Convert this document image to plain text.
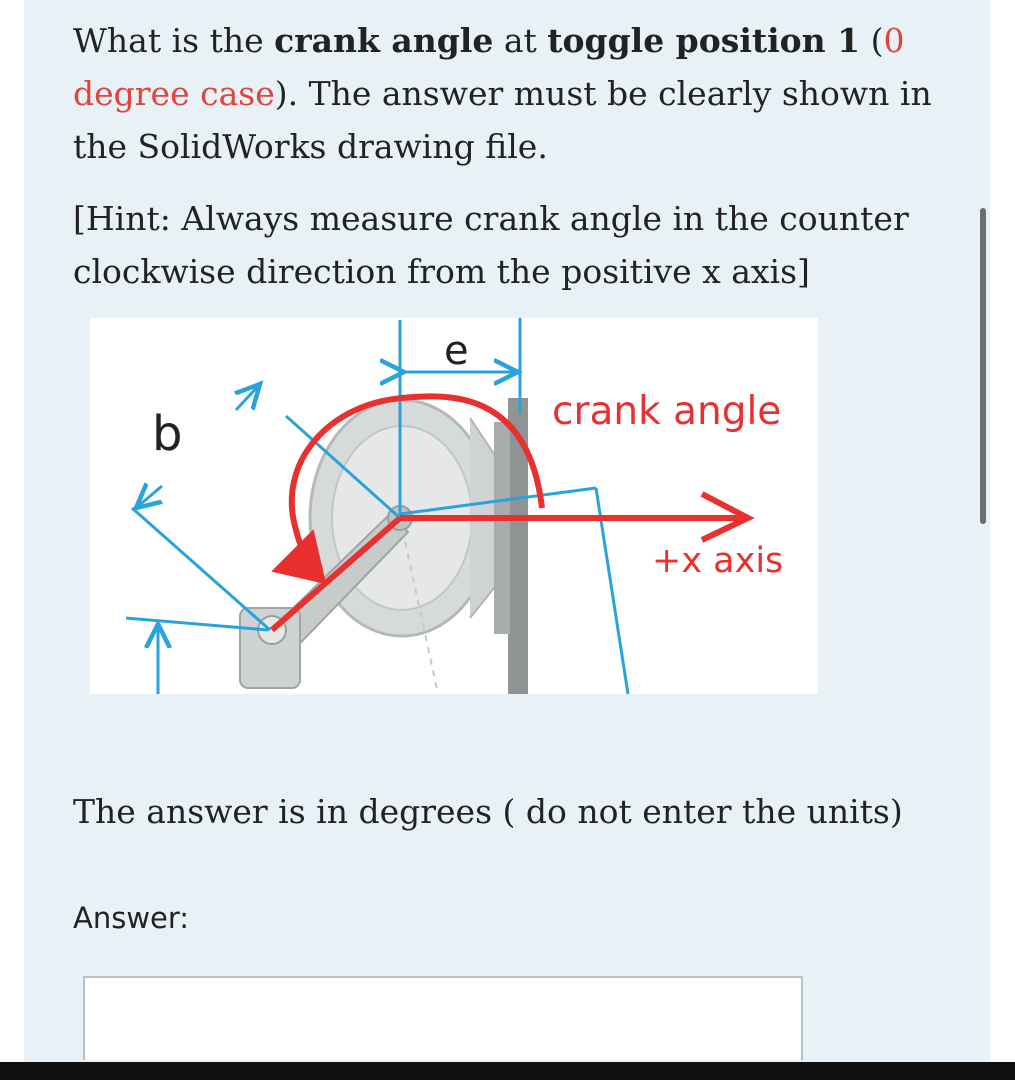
What is the crank angle at toggle position 1 (0 degree case). The answer must be clearly shown in the SolidWorks drawing file.
[Hint: Always measure crank angle in the counter clockwise direction from the positive x axis]
e
b	crank angle
+x axis
The answer is in degrees ( do not enter the units)
Answer:
